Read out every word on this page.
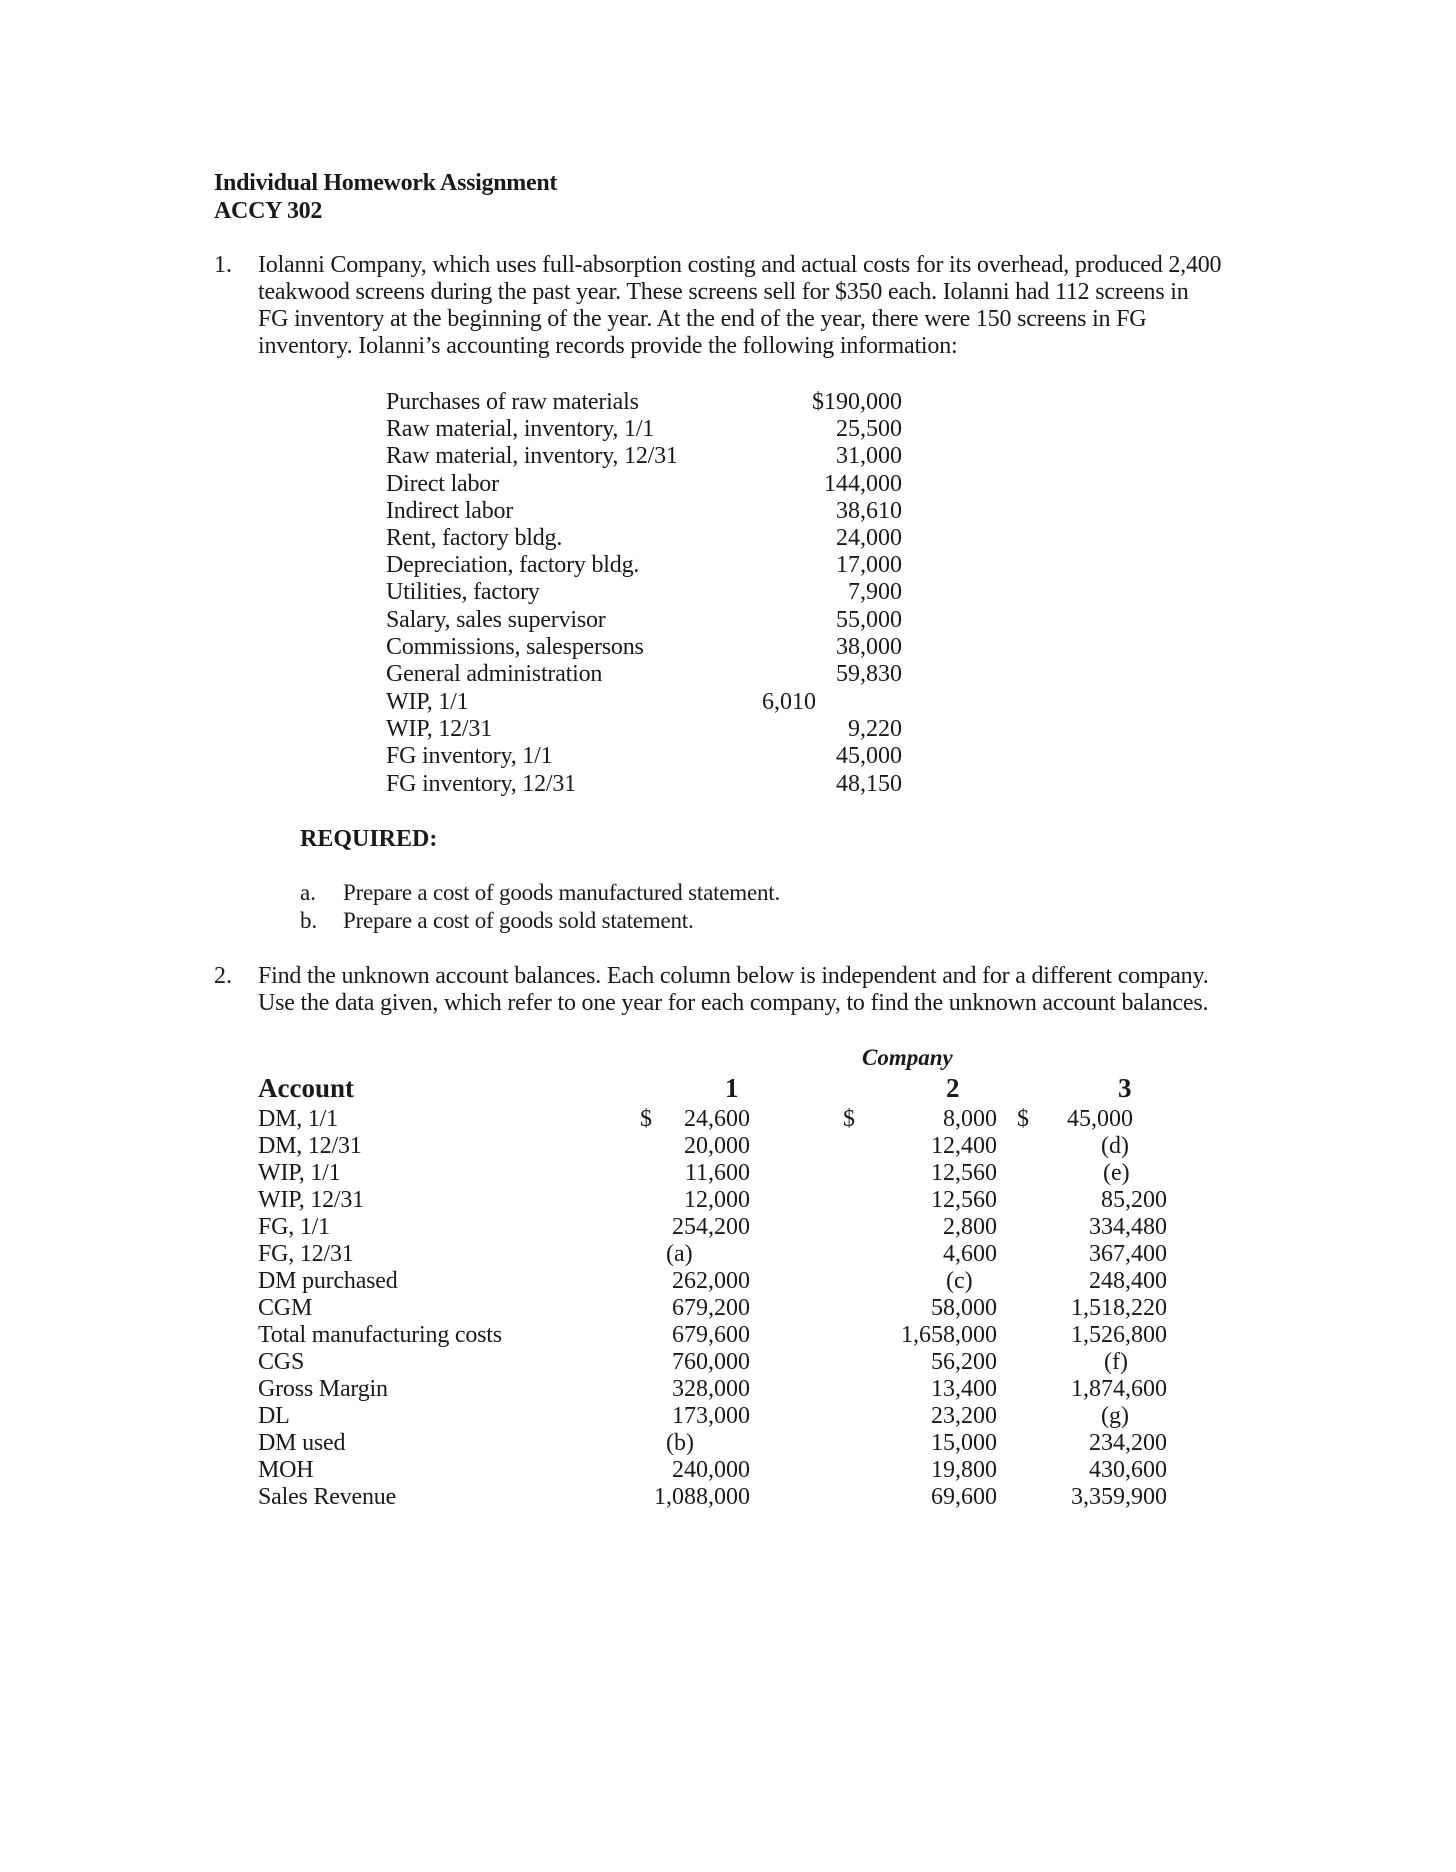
Individual Homework Assignment
ACCY 302
1. Iolanni Company, which uses full-absorption costing and actual costs for its overhead, produced 2,400
teakwood screens during the past year. These screens sell for $350 each. Iolanni had 112 screens in
FG inventory at the beginning of the year. At the end of the year, there were 150 screens in FG
inventory. Iolanni’s accounting records provide the following information:
Purchases of raw materials	$190,000
Raw material, inventory, 1/1	25,500
Raw material, inventory, 12/31	31,000
Direct labor	144,000
Indirect labor	38,610
Rent, factory bldg.	24,000
Depreciation, factory bldg.	17,000
Utilities, factory	7,900
Salary, sales supervisor	55,000
Commissions, salespersons	38,000
General administration	59,830
WIP, 1/1	6,010
WIP, 12/31	9,220
FG inventory, 1/1	45,000
FG inventory, 12/31	48,150
REQUIRED:
a. Prepare a cost of goods manufactured statement.
b. Prepare a cost of goods sold statement.
2. Find the unknown account balances. Each column below is independent and for a different company.
Use the data given, which refer to one year for each company, to find the unknown account balances.
Company
Account	1	2	3
$	$	$
DM, 1/1	24,600	8,000	45,000
DM, 12/31	20,000	12,400	(d)
WIP, 1/1	11,600	12,560	(e)
WIP, 12/31	12,000	12,560	85,200
FG, 1/1	254,200	2,800	334,480
FG, 12/31	(a)	4,600	367,400
DM purchased	262,000	(c)	248,400
CGM	679,200	58,000	1,518,220
Total manufacturing costs	679,600	1,658,000	1,526,800
CGS	760,000	56,200	(f)
Gross Margin	328,000	13,400	1,874,600
DL	173,000	23,200	(g)
DM used	(b)	15,000	234,200
MOH	240,000	19,800	430,600
Sales Revenue	1,088,000	69,600	3,359,900
